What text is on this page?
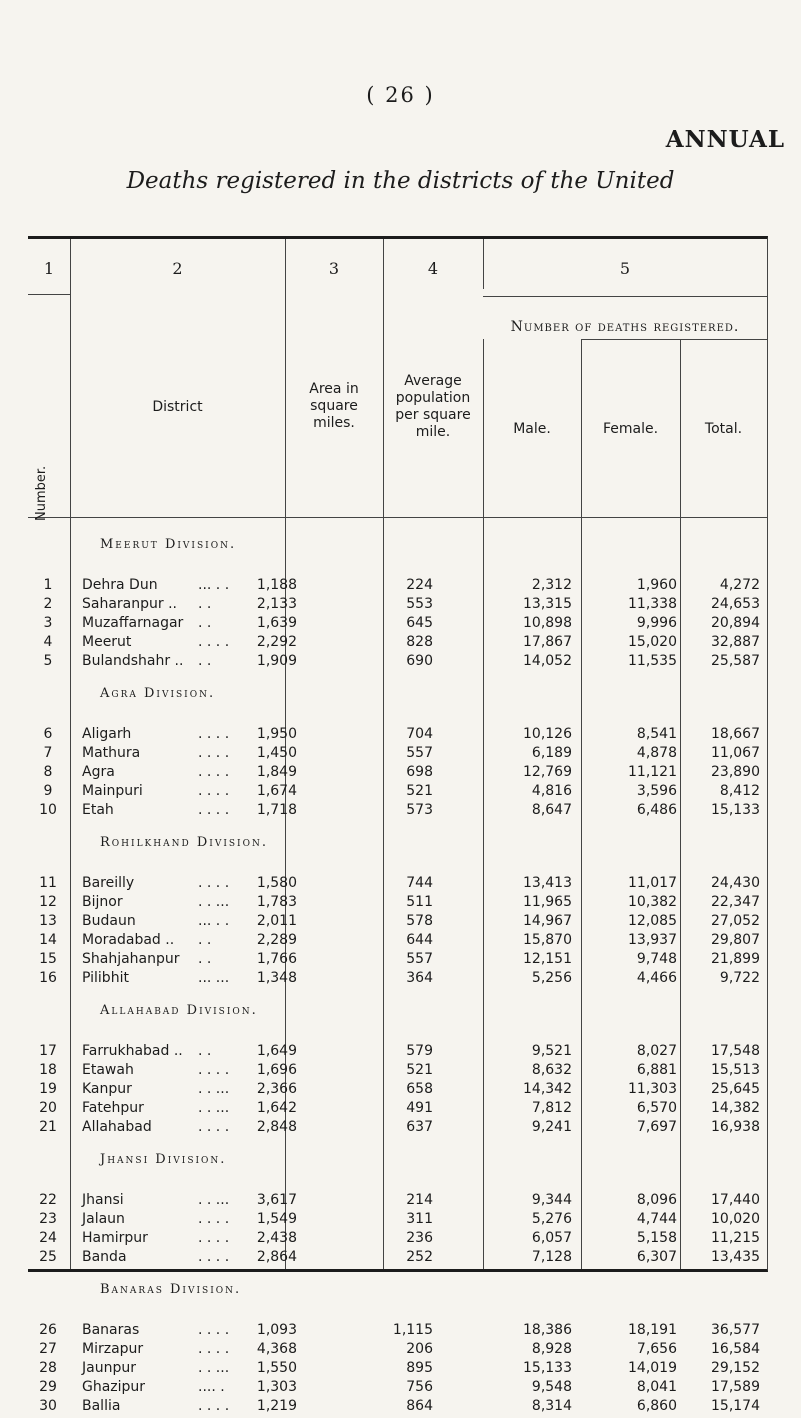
( 26 )
ANNUAL
Deaths registered in the districts of the United
1	2	3	4	5
Number.
District
Area in
square
miles.
Average
population
per square
mile.
Number of deaths registered.
Male.	Female.	Total.
Meerut Division.
1	Dehra Dun	... . .	1,188	224	2,312	1,960	4,272
2	Saharanpur .. . .	2,133	553	13,315	11,338	24,653
3	Muzaffarnagar . .	1,639	645	10,898	9,996	20,894
4	Meerut	. . . .	2,292	828	17,867	15,020	32,887
5	Bulandshahr .. . .	1,909	690	14,052	11,535	25,587
Agra Division.
6	Aligarh	. . . .	1,950	704	10,126	8,541	18,667
7	Mathura	. . . .	1,450	557	6,189	4,878	11,067
8	Agra	. . . .	1,849	698	12,769	11,121	23,890
9	Mainpuri	. . . .	1,674	521	4,816	3,596	8,412
10	Etah	. . . .	1,718	573	8,647	6,486	15,133
Rohilkhand Division.
11	Bareilly	. . . .	1,580	744	13,413	11,017	24,430
12	Bijnor	. . ...	1,783	511	11,965	10,382	22,347
13	Budaun	... . .	2,011	578	14,967	12,085	27,052
14	Moradabad .. . .	2,289	644	15,870	13,937	29,807
15	Shahjahanpur . .	1,766	557	12,151	9,748	21,899
16	Pilibhit	... ...	1,348	364	5,256	4,466	9,722
Allahabad Division.
17	Farrukhabad .. . .	1,649	579	9,521	8,027	17,548
18	Etawah	. . . .	1,696	521	8,632	6,881	15,513
19	Kanpur	. . ...	2,366	658	14,342	11,303	25,645
20	Fatehpur	. . ...	1,642	491	7,812	6,570	14,382
21	Allahabad	. . . .	2,848	637	9,241	7,697	16,938
Jhansi Division.
22	Jhansi	. . ...	3,617	214	9,344	8,096	17,440
23	Jalaun	. . . .	1,549	311	5,276	4,744	10,020
24	Hamirpur	. . . .	2,438	236	6,057	5,158	11,215
25	Banda	. . . .	2,864	252	7,128	6,307	13,435
Banaras Division.
26	Banaras	. . . .	1,093	1,115	18,386	18,191	36,577
27	Mirzapur	. . . .	4,368	206	8,928	7,656	16,584
28	Jaunpur	. . ...	1,550	895	15,133	14,019	29,152
29	Ghazipur	.... .	1,303	756	9,548	8,041	17,589
30	Ballia	. . . .	1,219	864	8,314	6,860	15,174
